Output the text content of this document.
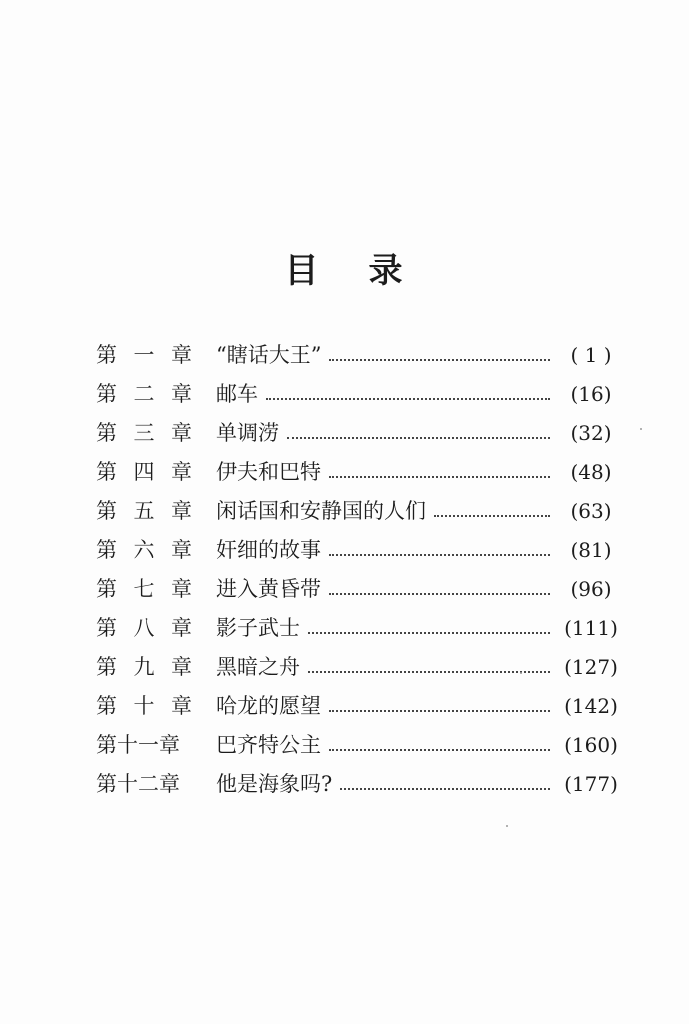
目 录
第 一 章 “瞎话大王”	( 1 )
第 二 章 邮车	(16)
第 三 章 单调涝	(32)
第 四 章 伊夫和巴特	(48)
第 五 章 闲话国和安静国的人们	(63)
第 六 章 奸细的故事	(81)
第 七 章 进入黄昏带	(96)
第 八 章 影子武士	(111)
第 九 章 黑暗之舟	(127)
第 十 章 哈龙的愿望	(142)
第十一章 巴齐特公主	(160)
第十二章 他是海象吗?	(177)
